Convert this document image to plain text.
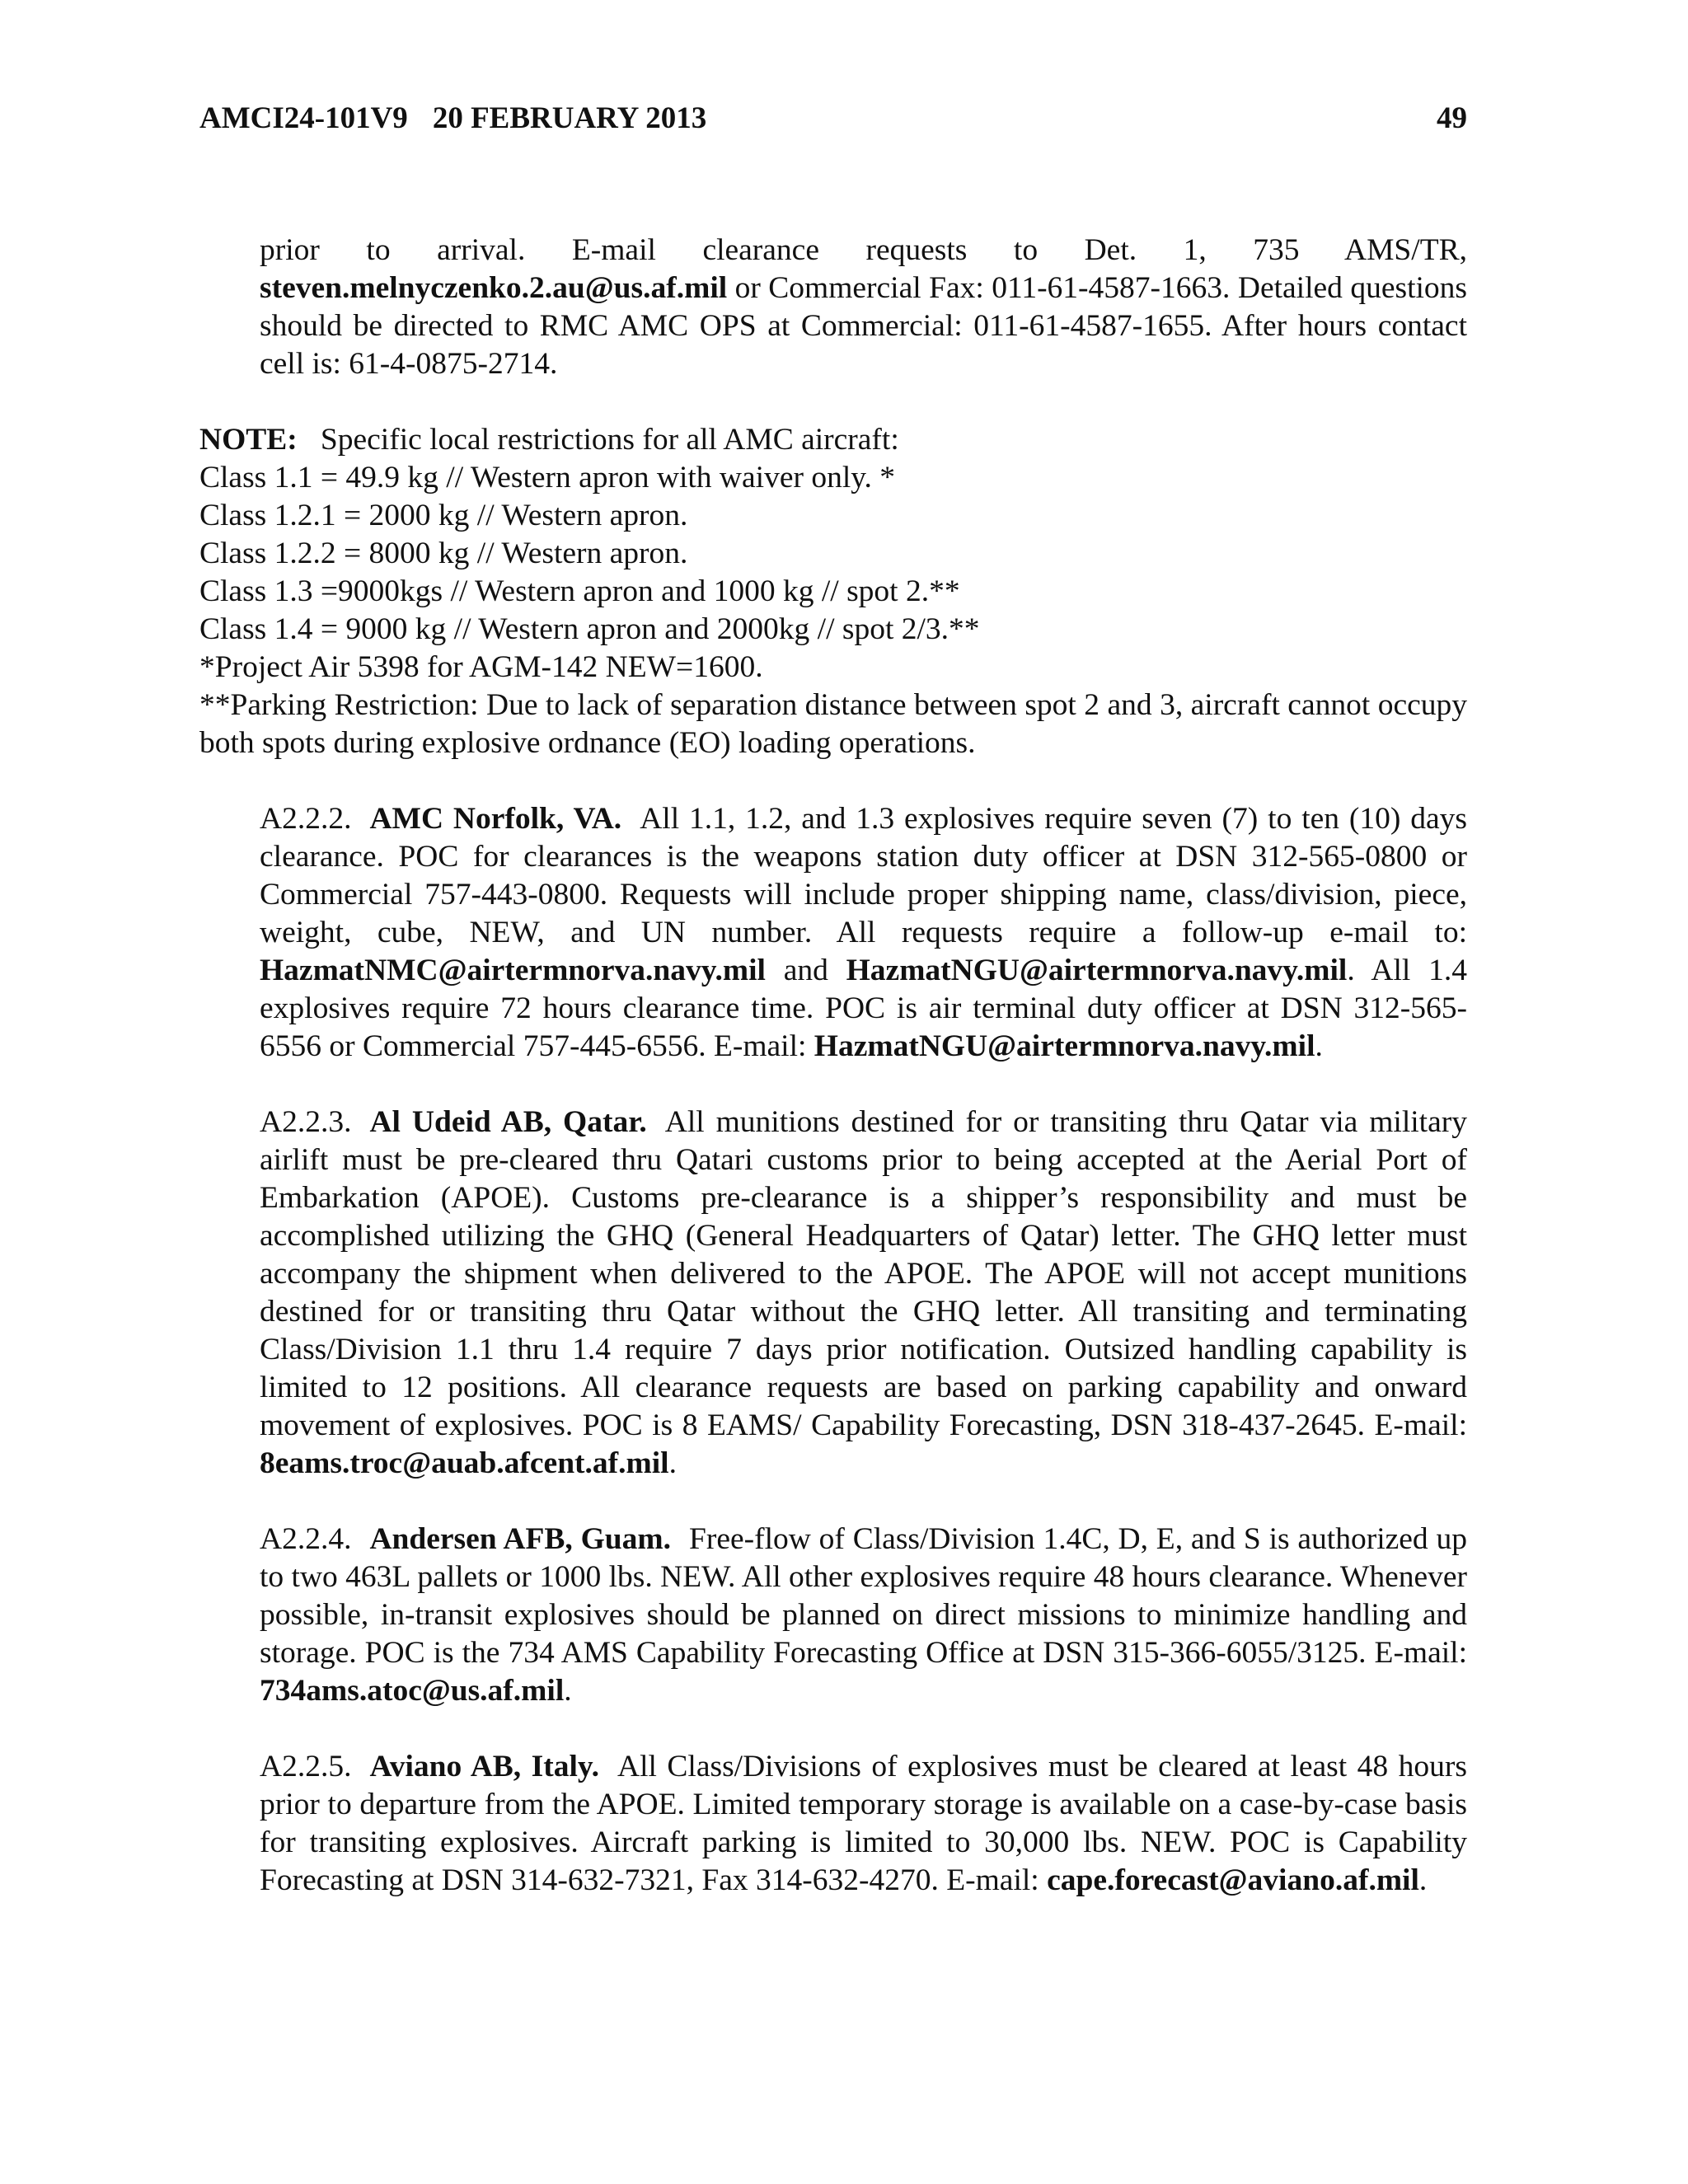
AMCI24-101V9 20 FEBRUARY 2013	49

prior to arrival. E-mail clearance requests to Det. 1, 735 AMS/TR, steven.melnyczenko.2.au@us.af.mil or Commercial Fax: 011-61-4587-1663. Detailed questions should be directed to RMC AMC OPS at Commercial: 011-61-4587-1655. After hours contact cell is: 61-4-0875-2714.

NOTE: Specific local restrictions for all AMC aircraft:
Class 1.1 = 49.9 kg // Western apron with waiver only. *
Class 1.2.1 = 2000 kg // Western apron.
Class 1.2.2 = 8000 kg // Western apron.
Class 1.3 =9000kgs // Western apron and 1000 kg // spot 2.**
Class 1.4 = 9000 kg // Western apron and 2000kg // spot 2/3.**
*Project Air 5398 for AGM-142 NEW=1600.
**Parking Restriction: Due to lack of separation distance between spot 2 and 3, aircraft cannot occupy both spots during explosive ordnance (EO) loading operations.

A2.2.2. AMC Norfolk, VA. All 1.1, 1.2, and 1.3 explosives require seven (7) to ten (10) days clearance. POC for clearances is the weapons station duty officer at DSN 312-565-0800 or Commercial 757-443-0800. Requests will include proper shipping name, class/division, piece, weight, cube, NEW, and UN number. All requests require a follow-up e-mail to: HazmatNMC@airtermnorva.navy.mil and HazmatNGU@airtermnorva.navy.mil. All 1.4 explosives require 72 hours clearance time. POC is air terminal duty officer at DSN 312-565-6556 or Commercial 757-445-6556. E-mail: HazmatNGU@airtermnorva.navy.mil.

A2.2.3. Al Udeid AB, Qatar. All munitions destined for or transiting thru Qatar via military airlift must be pre-cleared thru Qatari customs prior to being accepted at the Aerial Port of Embarkation (APOE). Customs pre-clearance is a shipper’s responsibility and must be accomplished utilizing the GHQ (General Headquarters of Qatar) letter. The GHQ letter must accompany the shipment when delivered to the APOE. The APOE will not accept munitions destined for or transiting thru Qatar without the GHQ letter. All transiting and terminating Class/Division 1.1 thru 1.4 require 7 days prior notification. Outsized handling capability is limited to 12 positions. All clearance requests are based on parking capability and onward movement of explosives. POC is 8 EAMS/ Capability Forecasting, DSN 318-437-2645. E-mail: 8eams.troc@auab.afcent.af.mil.

A2.2.4. Andersen AFB, Guam. Free-flow of Class/Division 1.4C, D, E, and S is authorized up to two 463L pallets or 1000 lbs. NEW. All other explosives require 48 hours clearance. Whenever possible, in-transit explosives should be planned on direct missions to minimize handling and storage. POC is the 734 AMS Capability Forecasting Office at DSN 315-366-6055/3125. E-mail: 734ams.atoc@us.af.mil.

A2.2.5. Aviano AB, Italy. All Class/Divisions of explosives must be cleared at least 48 hours prior to departure from the APOE. Limited temporary storage is available on a case-by-case basis for transiting explosives. Aircraft parking is limited to 30,000 lbs. NEW. POC is Capability Forecasting at DSN 314-632-7321, Fax 314-632-4270. E-mail: cape.forecast@aviano.af.mil.
